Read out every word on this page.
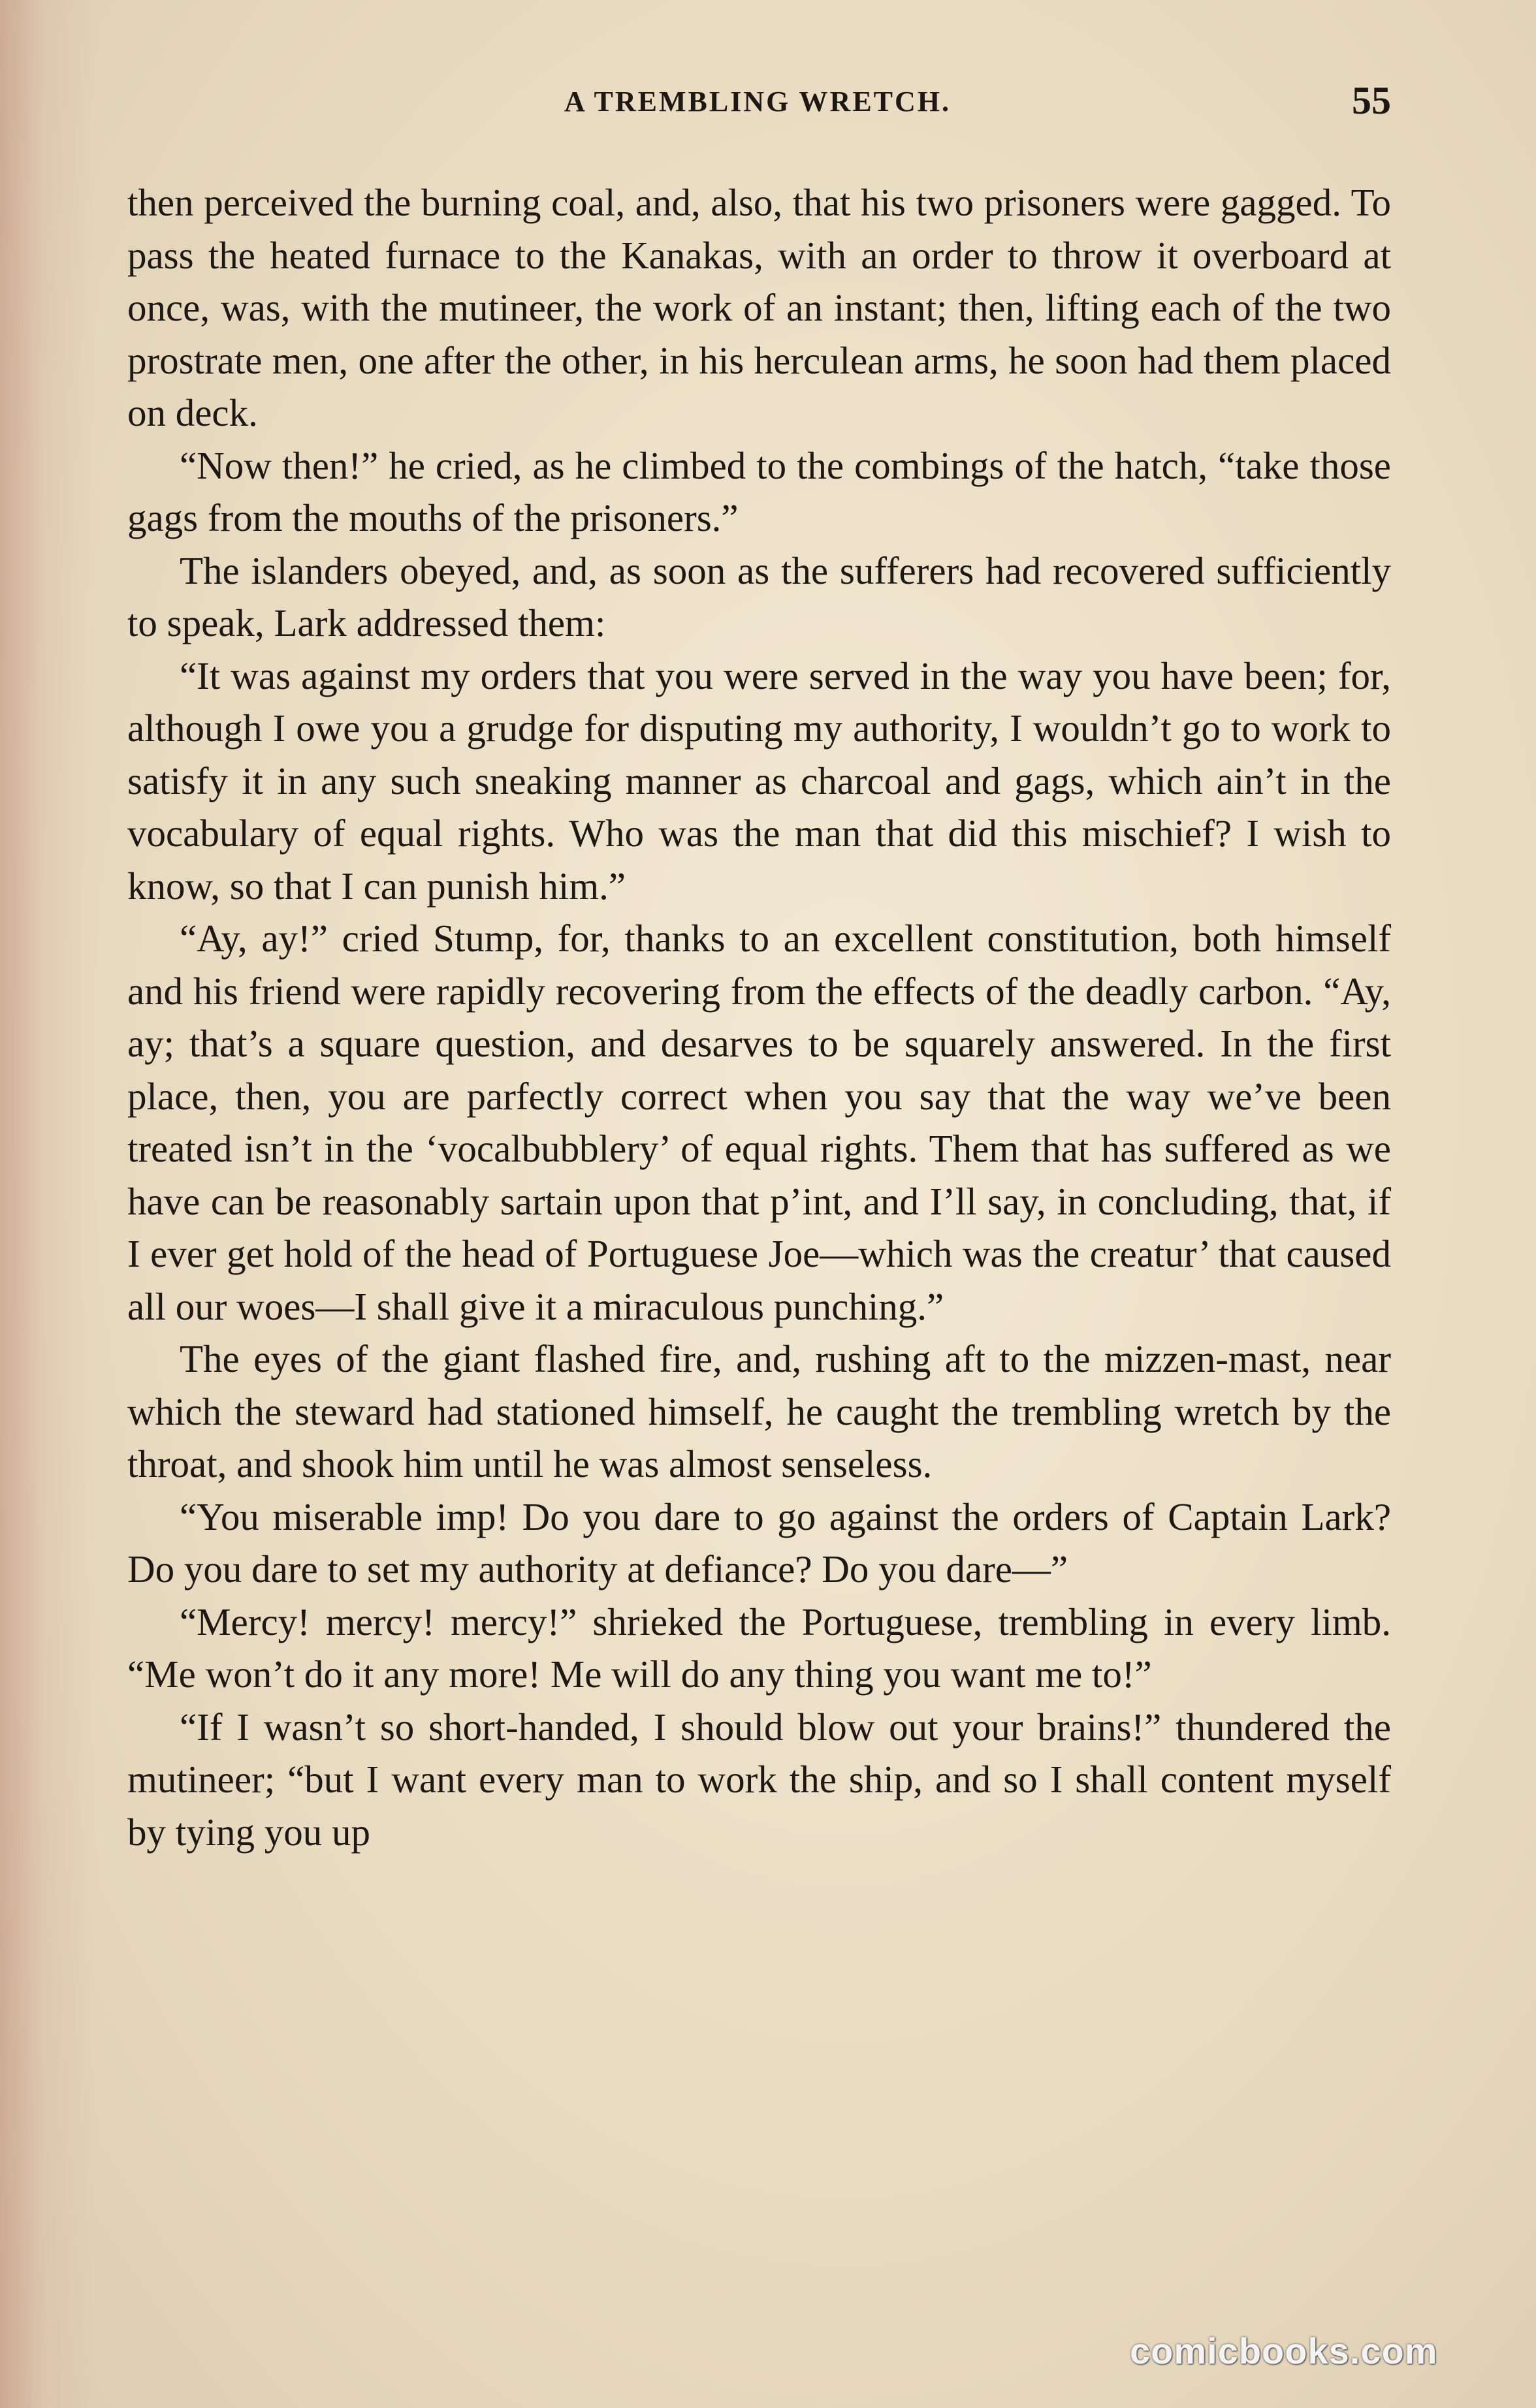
A TREMBLING WRETCH.	55

then perceived the burning coal, and, also, that his two prisoners were gagged. To pass the heated furnace to the Kanakas, with an order to throw it overboard at once, was, with the mutineer, the work of an instant; then, lifting each of the two prostrate men, one after the other, in his herculean arms, he soon had them placed on deck.

“Now then!” he cried, as he climbed to the combings of the hatch, “take those gags from the mouths of the prisoners.”

The islanders obeyed, and, as soon as the sufferers had recovered sufficiently to speak, Lark addressed them:

“It was against my orders that you were served in the way you have been; for, although I owe you a grudge for disputing my authority, I wouldn’t go to work to satisfy it in any such sneaking manner as charcoal and gags, which ain’t in the vocabulary of equal rights. Who was the man that did this mischief? I wish to know, so that I can punish him.”

“Ay, ay!” cried Stump, for, thanks to an excellent constitution, both himself and his friend were rapidly recovering from the effects of the deadly carbon. “Ay, ay; that’s a square question, and desarves to be squarely answered. In the first place, then, you are parfectly correct when you say that the way we’ve been treated isn’t in the ‘vocalbubblery’ of equal rights. Them that has suffered as we have can be reasonably sartain upon that p’int, and I’ll say, in concluding, that, if I ever get hold of the head of Portuguese Joe—which was the creatur’ that caused all our woes—I shall give it a miraculous punching.”

The eyes of the giant flashed fire, and, rushing aft to the mizzen-mast, near which the steward had stationed himself, he caught the trembling wretch by the throat, and shook him until he was almost senseless.

“You miserable imp! Do you dare to go against the orders of Captain Lark? Do you dare to set my authority at defiance? Do you dare—”

“Mercy! mercy! mercy!” shrieked the Portuguese, trembling in every limb. “Me won’t do it any more! Me will do any thing you want me to!”

“If I wasn’t so short-handed, I should blow out your brains!” thundered the mutineer; “but I want every man to work the ship, and so I shall content myself by tying you up

comicbooks.com
